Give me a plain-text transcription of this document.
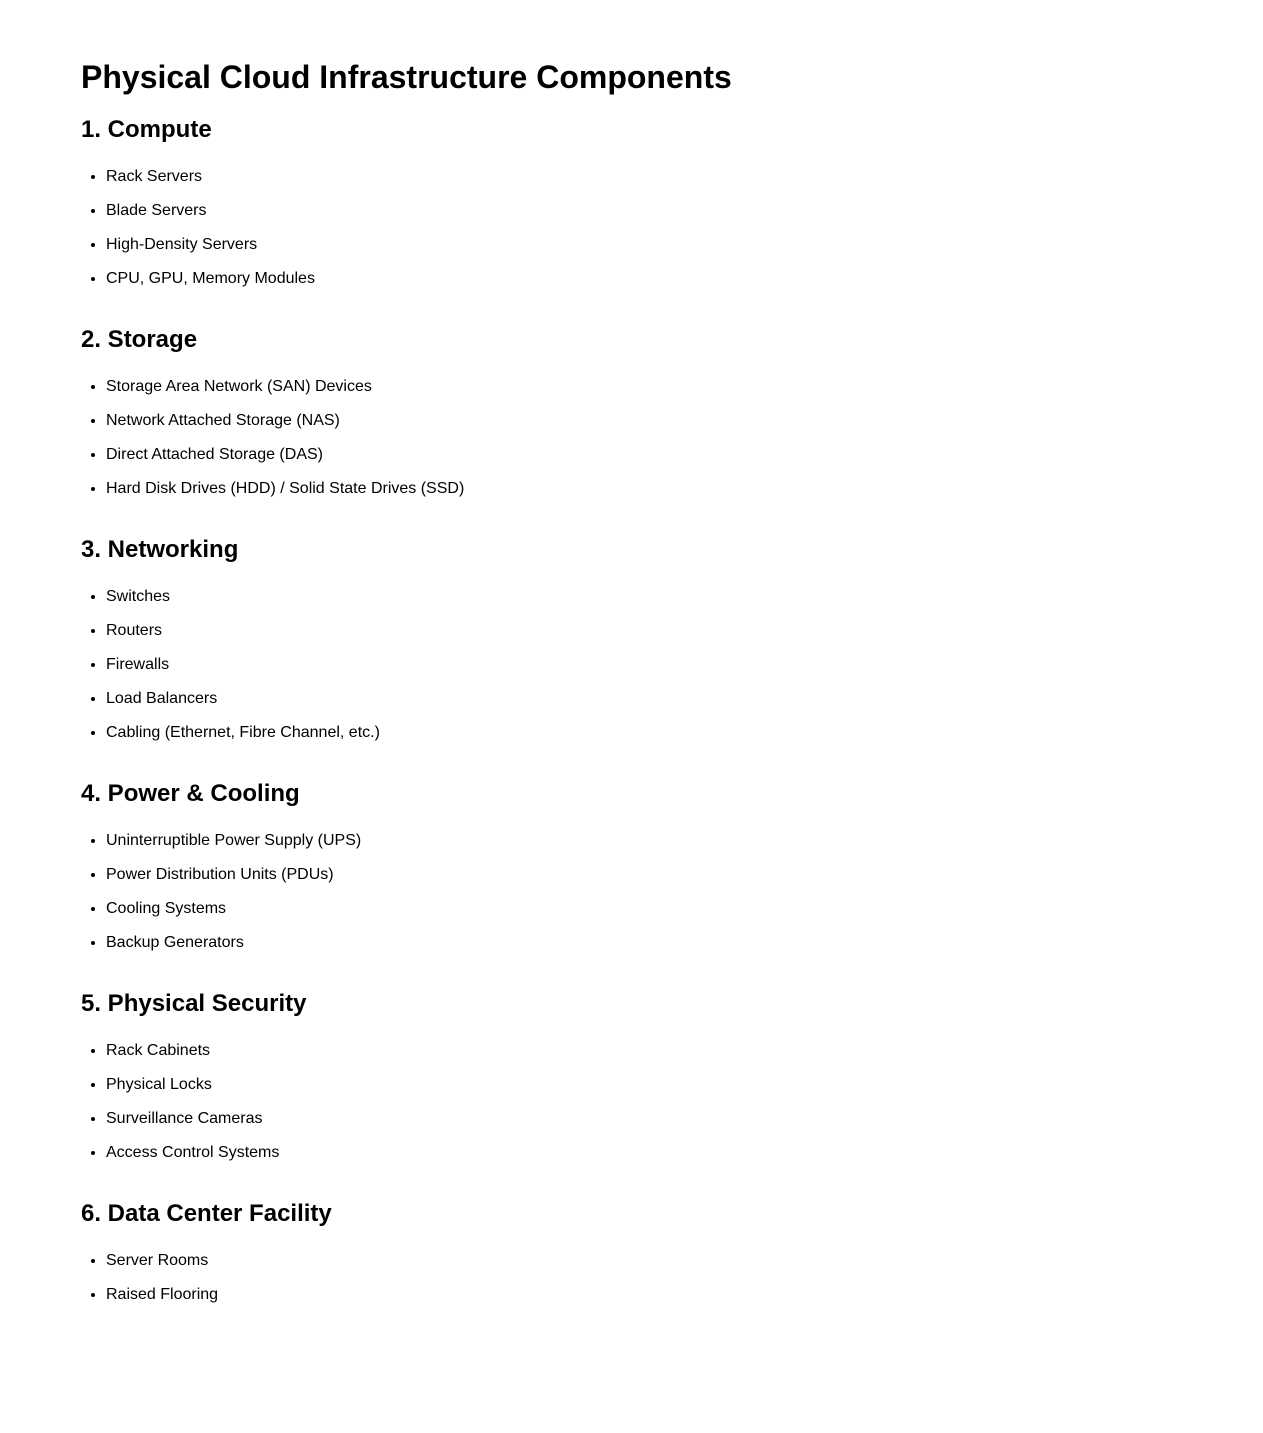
Physical Cloud Infrastructure Components
1. Compute
• Rack Servers
• Blade Servers
• High-Density Servers
• CPU, GPU, Memory Modules
2. Storage
• Storage Area Network (SAN) Devices
• Network Attached Storage (NAS)
• Direct Attached Storage (DAS)
• Hard Disk Drives (HDD) / Solid State Drives (SSD)
3. Networking
• Switches
• Routers
• Firewalls
• Load Balancers
• Cabling (Ethernet, Fibre Channel, etc.)
4. Power & Cooling
• Uninterruptible Power Supply (UPS)
• Power Distribution Units (PDUs)
• Cooling Systems
• Backup Generators
5. Physical Security
• Rack Cabinets
• Physical Locks
• Surveillance Cameras
• Access Control Systems
6. Data Center Facility
• Server Rooms
• Raised Flooring
